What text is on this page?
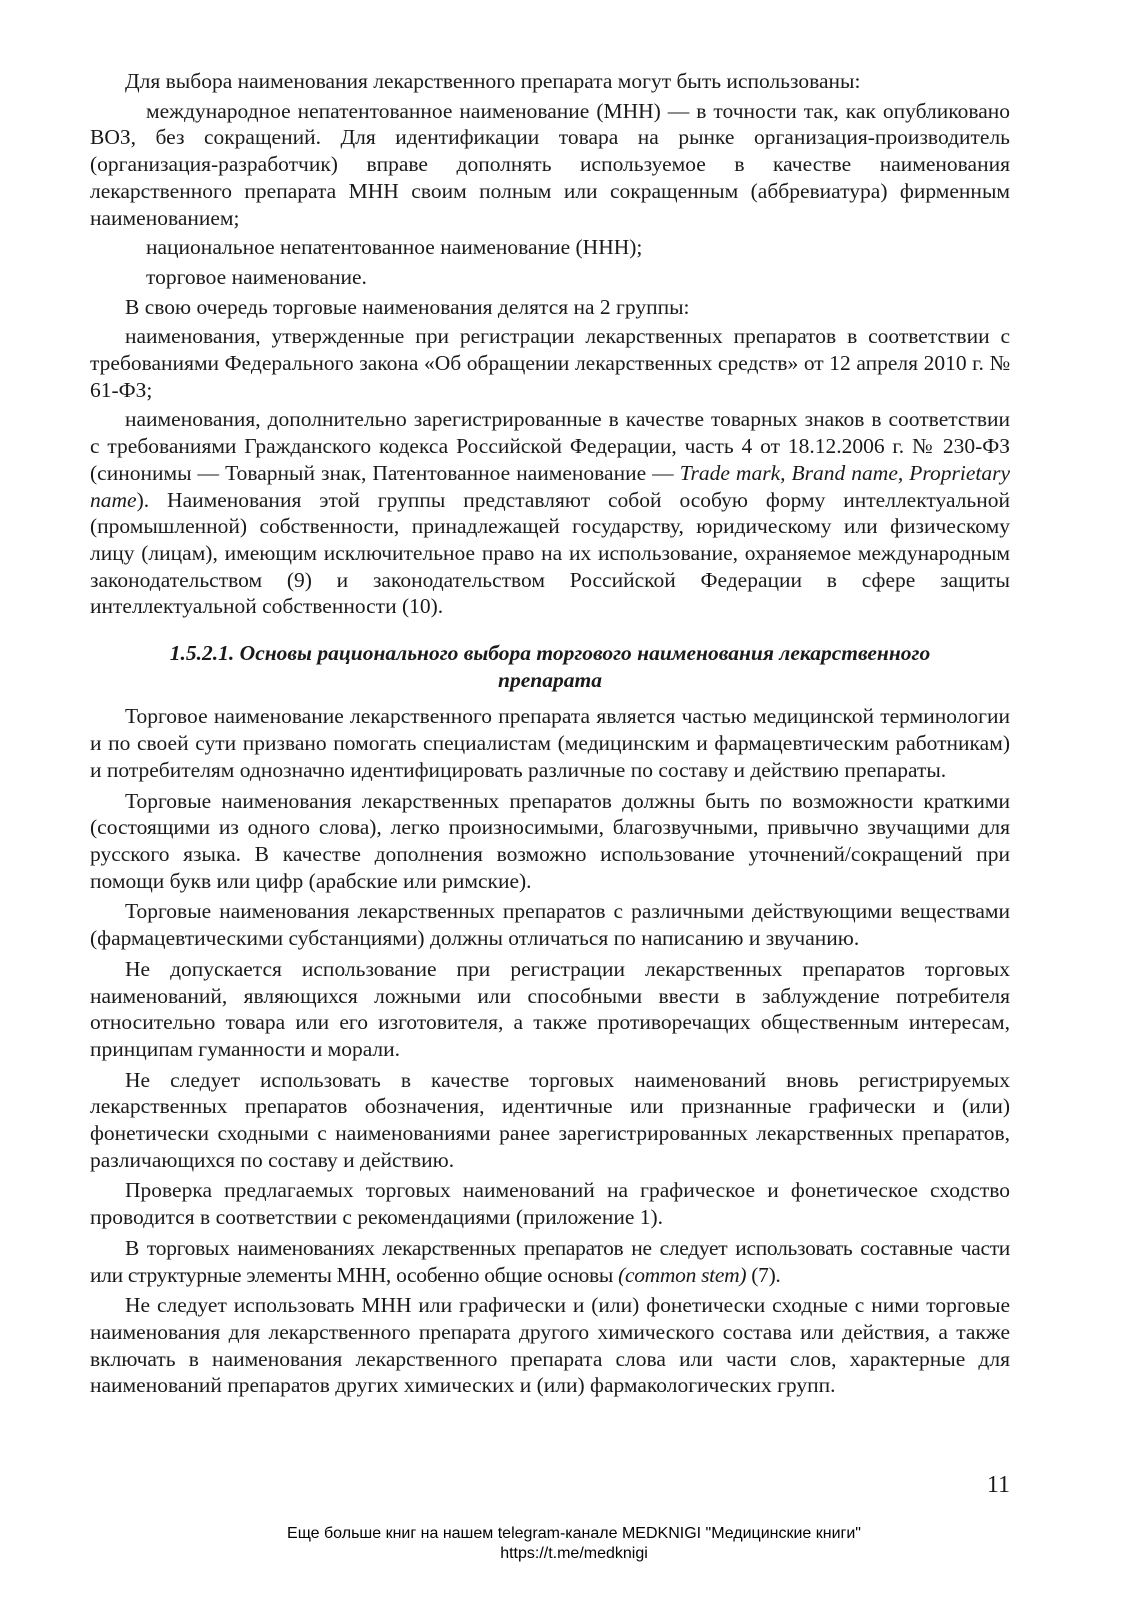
Для выбора наименования лекарственного препарата могут быть использованы:

международное непатентованное наименование (МНН) — в точности так, как опубликовано ВОЗ, без сокращений. Для идентификации товара на рынке организация-производитель (организация-разработчик) вправе дополнять используемое в качестве наименования лекарственного препарата МНН своим полным или сокращенным (аббревиатура) фирменным наименованием;

национальное непатентованное наименование (ННН);

торговое наименование.

В свою очередь торговые наименования делятся на 2 группы:

наименования, утвержденные при регистрации лекарственных препаратов в соответствии с требованиями Федерального закона «Об обращении лекарственных средств» от 12 апреля 2010 г. № 61-ФЗ;

наименования, дополнительно зарегистрированные в качестве товарных знаков в соответствии с требованиями Гражданского кодекса Российской Федерации, часть 4 от 18.12.2006 г. № 230-ФЗ (синонимы — Товарный знак, Патентованное наименование — Trade mark, Brand name, Proprietary name). Наименования этой группы представляют собой особую форму интеллектуальной (промышленной) собственности, принадлежащей государству, юридическому или физическому лицу (лицам), имеющим исключительное право на их использование, охраняемое международным законодательством (9) и законодательством Российской Федерации в сфере защиты интеллектуальной собственности (10).

1.5.2.1. Основы рационального выбора торгового наименования лекарственного препарата

Торговое наименование лекарственного препарата является частью медицинской терминологии и по своей сути призвано помогать специалистам (медицинским и фармацевтическим работникам) и потребителям однозначно идентифицировать различные по составу и действию препараты.

Торговые наименования лекарственных препаратов должны быть по возможности краткими (состоящими из одного слова), легко произносимыми, благозвучными, привычно звучащими для русского языка. В качестве дополнения возможно использование уточнений/сокращений при помощи букв или цифр (арабские или римские).

Торговые наименования лекарственных препаратов с различными действующими веществами (фармацевтическими субстанциями) должны отличаться по написанию и звучанию.

Не допускается использование при регистрации лекарственных препаратов торговых наименований, являющихся ложными или способными ввести в заблуждение потребителя относительно товара или его изготовителя, а также противоречащих общественным интересам, принципам гуманности и морали.

Не следует использовать в качестве торговых наименований вновь регистрируемых лекарственных препаратов обозначения, идентичные или признанные графически и (или) фонетически сходными с наименованиями ранее зарегистрированных лекарственных препаратов, различающихся по составу и действию.

Проверка предлагаемых торговых наименований на графическое и фонетическое сходство проводится в соответствии с рекомендациями (приложение 1).

В торговых наименованиях лекарственных препаратов не следует использовать составные части или структурные элементы МНН, особенно общие основы (common stem) (7).

Не следует использовать МНН или графически и (или) фонетически сходные с ними торговые наименования для лекарственного препарата другого химического состава или действия, а также включать в наименования лекарственного препарата слова или части слов, характерные для наименований препаратов других химических и (или) фармакологических групп.

11
Еще больше книг на нашем telegram-канале MEDKNIGI "Медицинские книги"
https://t.me/medknigi
